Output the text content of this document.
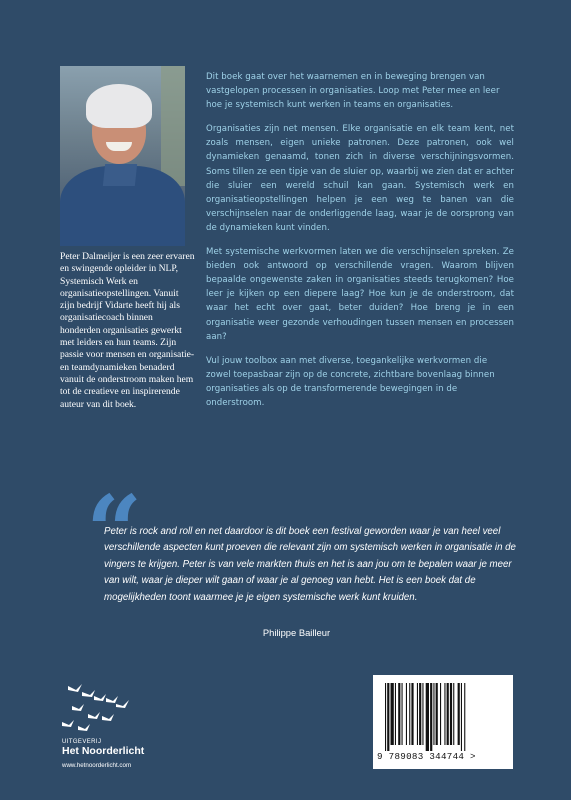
Peter Dalmeijer is een zeer ervaren en swingende opleider in NLP, Systemisch Werk en organisatieopstellingen. Vanuit zijn bedrijf Vidarte heeft hij als organisatiecoach binnen honderden organisaties gewerkt met leiders en hun teams. Zijn passie voor mensen en organisatie- en teamdynamieken benaderd vanuit de onderstroom maken hem tot de creatieve en inspirerende auteur van dit boek.

Dit boek gaat over het waarnemen en in beweging brengen van vastgelopen processen in organisaties. Loop met Peter mee en leer hoe je systemisch kunt werken in teams en organisaties.

Organisaties zijn net mensen. Elke organisatie en elk team kent, net zoals mensen, eigen unieke patronen. Deze patronen, ook wel dynamieken genaamd, tonen zich in diverse verschijningsvormen. Soms tillen ze een tipje van de sluier op, waarbij we zien dat er achter die sluier een wereld schuil kan gaan. Systemisch werk en organisatieopstellingen helpen je een weg te banen van die verschijnselen naar de onderliggende laag, waar je de oorsprong van de dynamieken kunt vinden.

Met systemische werkvormen laten we die verschijnselen spreken. Ze bieden ook antwoord op verschillende vragen. Waarom blijven bepaalde ongewenste zaken in organisaties steeds terugkomen? Hoe leer je kijken op een diepere laag? Hoe kun je de onderstroom, dat waar het echt over gaat, beter duiden? Hoe breng je in een organisatie weer gezonde verhoudingen tussen mensen en processen aan?

Vul jouw toolbox aan met diverse, toegankelijke werkvormen die zowel toepasbaar zijn op de concrete, zichtbare bovenlaag binnen organisaties als op de transformerende bewegingen in de onderstroom.

“
Peter is rock and roll en net daardoor is dit boek een festival geworden waar je van heel veel verschillende aspecten kunt proeven die relevant zijn om systemisch werken in organisatie in de vingers te krijgen. Peter is van vele markten thuis en het is aan jou om te bepalen waar je meer van wilt, waar je dieper wilt gaan of waar je al genoeg van hebt. Het is een boek dat de mogelijkheden toont waarmee je je eigen systemische werk kunt kruiden.
Philippe Bailleur
UITGEVERIJ
Het Noorderlicht
www.hetnoorderlicht.com
9 789083 344744 >
